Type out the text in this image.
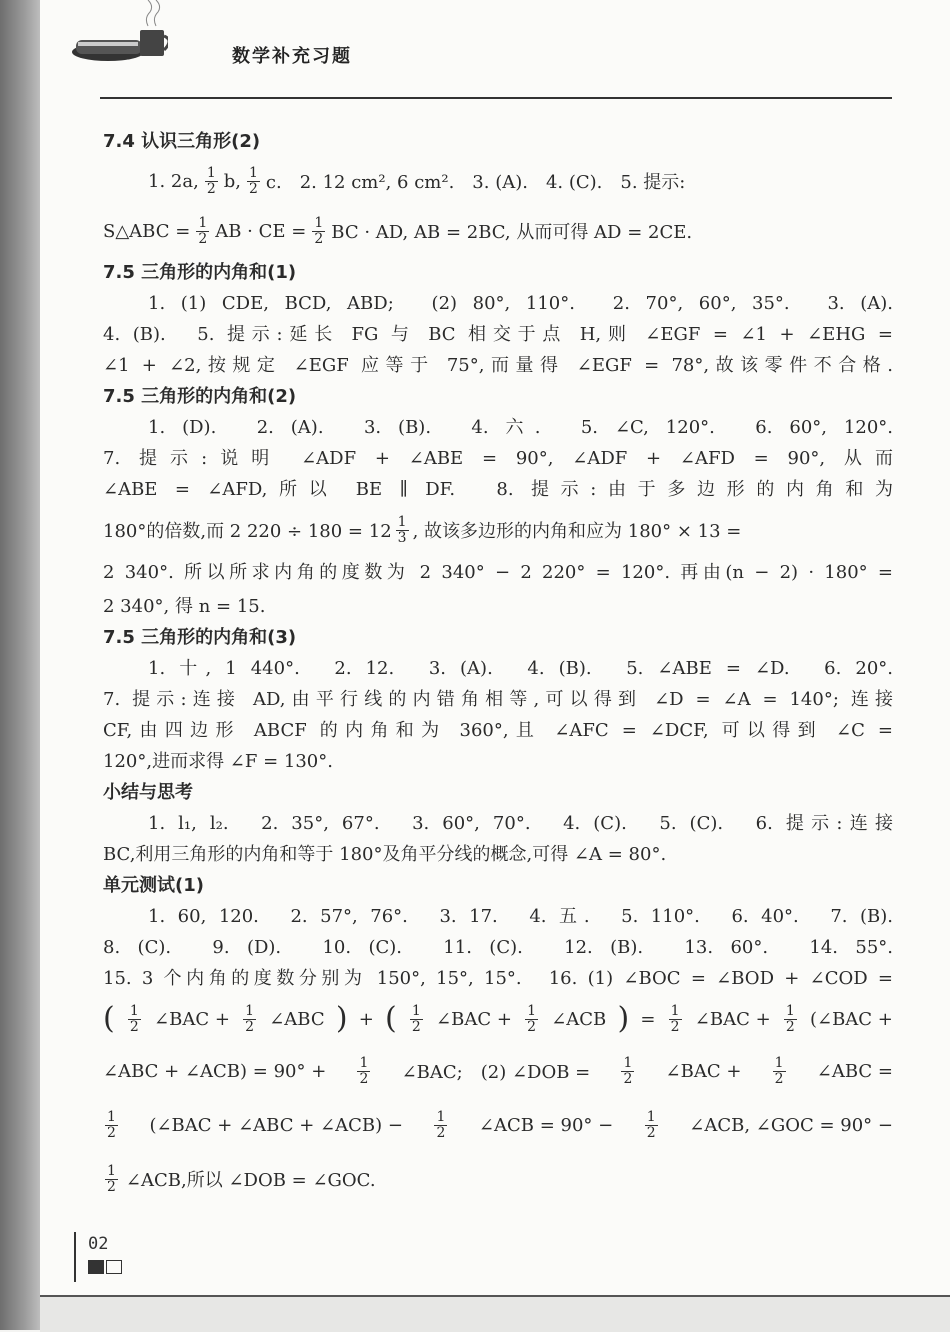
数学补充习题
7.4 认识三角形(2)
1. 2a, $\frac{1}{2} b$, $\frac{1}{2} c$.　2. 12 cm², 6 cm².　3. (A).　4. (C).　5. 提示:
S△ABC = $\frac{1}{2}$ AB · CE = $\frac{1}{2}$ BC · AD, AB = 2BC, 从而可得 AD = 2CE.
7.5 三角形的内角和(1)
1. (1) CDE, BCD, ABD;　(2) 80°, 110°.　2. 70°, 60°, 35°.　3. (A).
4. (B).　5. 提示:延长 FG 与 BC 相交于点 H,则 ∠EGF = ∠1 + ∠EHG =
∠1 + ∠2,按规定 ∠EGF 应等于 75°,而量得 ∠EGF = 78°,故该零件不合格.
7.5 三角形的内角和(2)
1. (D).　2. (A).　3. (B).　4. 六.　5. ∠C, 120°.　6. 60°, 120°.
7. 提示:说明 ∠ADF + ∠ABE = 90°, ∠ADF + ∠AFD = 90°, 从而
∠ABE = ∠AFD,所以 BE ∥ DF.　8. 提示:由于多边形的内角和为
180°的倍数,而 2 $220 \div 180 = 12 \frac{1}{3}$ , 故该多边形的内角和应为 180° × 13 =
2 340°. 所以所求内角的度数为 2 340° − 2 220° = 120°. 再由(n − 2) · 180° =
2 340°, 得 n = 15.
7.5 三角形的内角和(3)
1. 十, 1 440°.　2. 12.　3. (A).　4. (B).　5. ∠ABE = ∠D.　6. 20°.
7. 提示:连接 AD,由平行线的内错角相等,可以得到 ∠D = ∠A = 140°; 连接
CF,由四边形 ABCF 的内角和为 360°,且 ∠AFC = ∠DCF, 可以得到 ∠C =
120°,进而求得 ∠F = 130°.
小结与思考
1. l₁, l₂.　2. 35°, 67°.　3. 60°, 70°.　4. (C).　5. (C).　6. 提示:连接
BC,利用三角形的内角和等于 180°及角平分线的概念,可得 ∠A = 80°.
单元测试(1)
1. 60, 120.　2. 57°, 76°.　3. 17.　4. 五.　5. 110°.　6. 40°.　7. (B).
8. (C).　9. (D).　10. (C).　11. (C).　12. (B).　13. 60°.　14. 55°.
15. 3 个内角的度数分别为 150°, 15°, 15°.　16. (1) ∠BOC = ∠BOD + ∠COD =
( $\frac{1}{2}$ ∠BAC + $\frac{1}{2}$ ∠ABC ) + ( $\frac{1}{2}$ ∠BAC + $\frac{1}{2}$ ∠ACB ) = $\frac{1}{2}$ ∠BAC + $\frac{1}{2}$ (∠BAC +
∠ABC + ∠ACB) = $90^\circ + \frac{1}{2}$ ∠BAC;　(2) ∠DOB = $\frac{1}{2}$ ∠BAC + $\frac{1}{2}$ ∠ABC =
$\frac{1}{2}$ (∠BAC + ∠ABC + ∠ACB) − $\frac{1}{2}$ ∠ACB = $90^\circ - \frac{1}{2}$ ∠ACB, ∠GOC = 90° −
$\frac{1}{2}$ ∠ACB,所以 ∠DOB = ∠GOC.
02
